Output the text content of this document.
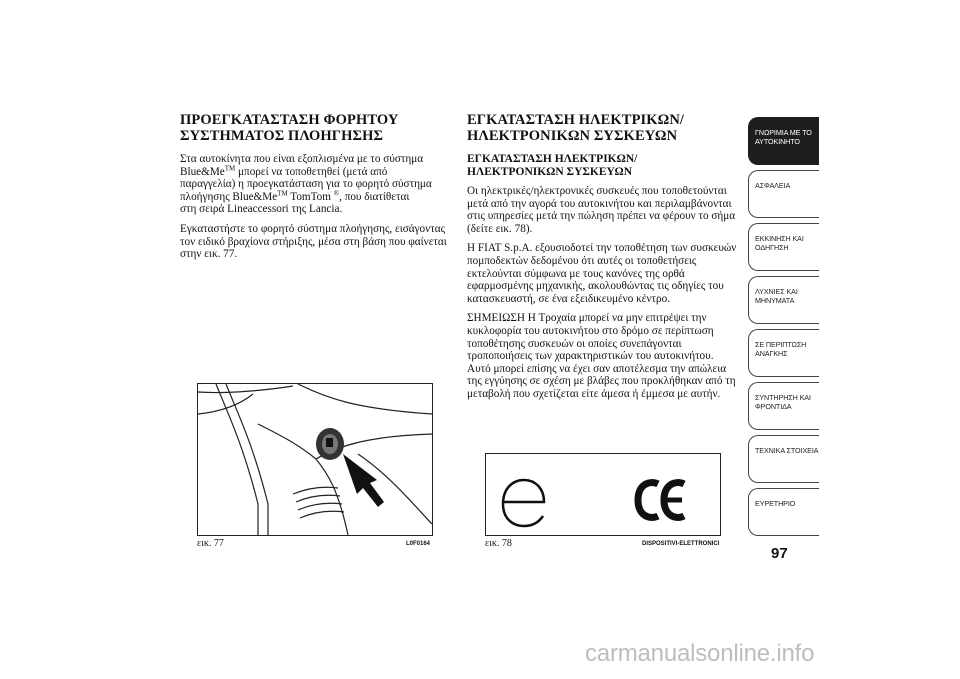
ΠΡΟΕΓΚΑΤΑΣΤΑΣΗ ΦΟΡΗΤΟΥ
ΣΥΣΤΗΜΑΤΟΣ ΠΛΟΗΓΗΣΗΣ

Στα αυτοκίνητα που είναι εξοπλισμένα με το σύστημα
Blue&Me™ μπορεί να τοποθετηθεί (μετά από
παραγγελία) η προεγκατάσταση για το φορητό σύστημα
πλοήγησης Blue&Me™ TomTom ®, που διατίθεται
στη σειρά Lineaccessori της Lancia.

Εγκαταστήστε το φορητό σύστημα πλοήγησης, εισάγοντας τον ειδικό βραχίονα στήριξης, μέσα στη βάση που φαίνεται στην εικ. 77.

εικ. 77	L0F0164
ΕΓΚΑΤΑΣΤΑΣΗ ΗΛΕΚΤΡΙΚΩΝ/
ΗΛΕΚΤΡΟΝΙΚΩΝ ΣΥΣΚΕΥΩΝ
ΕΓΚΑΤΑΣΤΑΣΗ ΗΛΕΚΤΡΙΚΩΝ/
ΗΛΕΚΤΡΟΝΙΚΩΝ ΣΥΣΚΕΥΩΝ

Οι ηλεκτρικές/ηλεκτρονικές συσκευές που τοποθετούνται μετά από την αγορά του αυτοκινήτου και περιλαμβάνονται στις υπηρεσίες μετά την πώληση πρέπει να φέρουν το σήμα (δείτε εικ. 78).

Η FIAT S.p.A. εξουσιοδοτεί την τοποθέτηση των συσκευών πομποδεκτών δεδομένου ότι αυτές οι τοποθετήσεις εκτελούνται σύμφωνα με τους κανόνες της ορθά εφαρμοσμένης μηχανικής, ακολουθώντας τις οδηγίες του κατασκευαστή, σε ένα εξειδικευμένο κέντρο.

ΣΗΜΕΙΩΣΗ Η Τροχαία μπορεί να μην επιτρέψει την κυκλοφορία του αυτοκινήτου στο δρόμο σε περίπτωση τοποθέτησης συσκευών οι οποίες συνεπάγονται τροποποιήσεις των χαρακτηριστικών του αυτοκινήτου. Αυτό μπορεί επίσης να έχει σαν αποτέλεσμα την απώλεια της εγγύησης σε σχέση με βλάβες που προκλήθηκαν από τη μεταβολή που σχετίζεται είτε άμεσα ή έμμεσα με αυτήν.

εικ. 78	DISPOSITIVI-ELETTRONICI
ΓΝΩΡΙΜΙΑ ΜΕ ΤΟ
ΑΥΤΟΚΙΝΗΤΟ
ΑΣΦΑΛΕΙΑ
ΕΚΚΙΝΗΣΗ ΚΑΙ
ΟΔΗΓΗΣΗ
ΛΥΧΝΙΕΣ ΚΑΙ
ΜΗΝΥΜΑΤΑ
ΣΕ ΠΕΡΙΠΤΩΣΗ
ΑΝΑΓΚΗΣ
ΣΥΝΤΗΡΗΣΗ ΚΑΙ
ΦΡΟΝΤΙΔΑ
ΤΕΧΝΙΚΑ ΣΤΟΙΧΕΙΑ
ΕΥΡΕΤΗΡΙΟ
97
carmanualsonline.info
